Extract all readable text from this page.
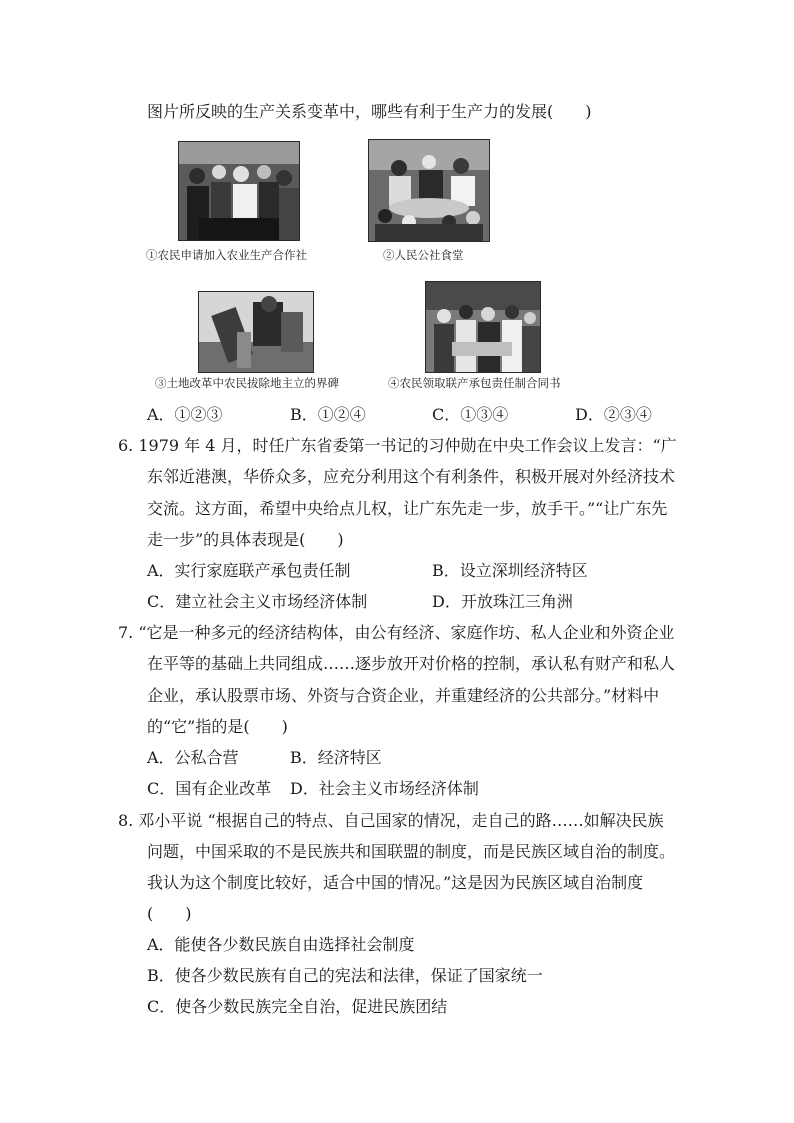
图片所反映的生产关系变革中，哪些有利于生产力的发展(　　)
①农民申请加入农业生产合作社	②人民公社食堂
③土地改革中农民拔除地主立的界碑	④农民领取联产承包责任制合同书
A．①②③	B．①②④	C．①③④	D．②③④
6. 1979 年 4 月，时任广东省委第一书记的习仲勋在中央工作会议上发言：“广
东邻近港澳，华侨众多，应充分利用这个有利条件，积极开展对外经济技术
交流。这方面，希望中央给点儿权，让广东先走一步，放手干。”“让广东先
走一步”的具体表现是(　　)
A．实行家庭联产承包责任制	B．设立深圳经济特区
C．建立社会主义市场经济体制	D．开放珠江三角洲
7. “它是一种多元的经济结构体，由公有经济、家庭作坊、私人企业和外资企业
在平等的基础上共同组成……逐步放开对价格的控制，承认私有财产和私人
企业，承认股票市场、外资与合资企业，并重建经济的公共部分。”材料中
的“它”指的是(　　)
A．公私合营	B．经济特区
C．国有企业改革 D．社会主义市场经济体制
8. 邓小平说 “根据自己的特点、自己国家的情况，走自己的路……如解决民族
问题，中国采取的不是民族共和国联盟的制度，而是民族区域自治的制度。
我认为这个制度比较好，适合中国的情况。”这是因为民族区域自治制度
(　　)
A．能使各少数民族自由选择社会制度
B．使各少数民族有自己的宪法和法律，保证了国家统一
C．使各少数民族完全自治，促进民族团结
